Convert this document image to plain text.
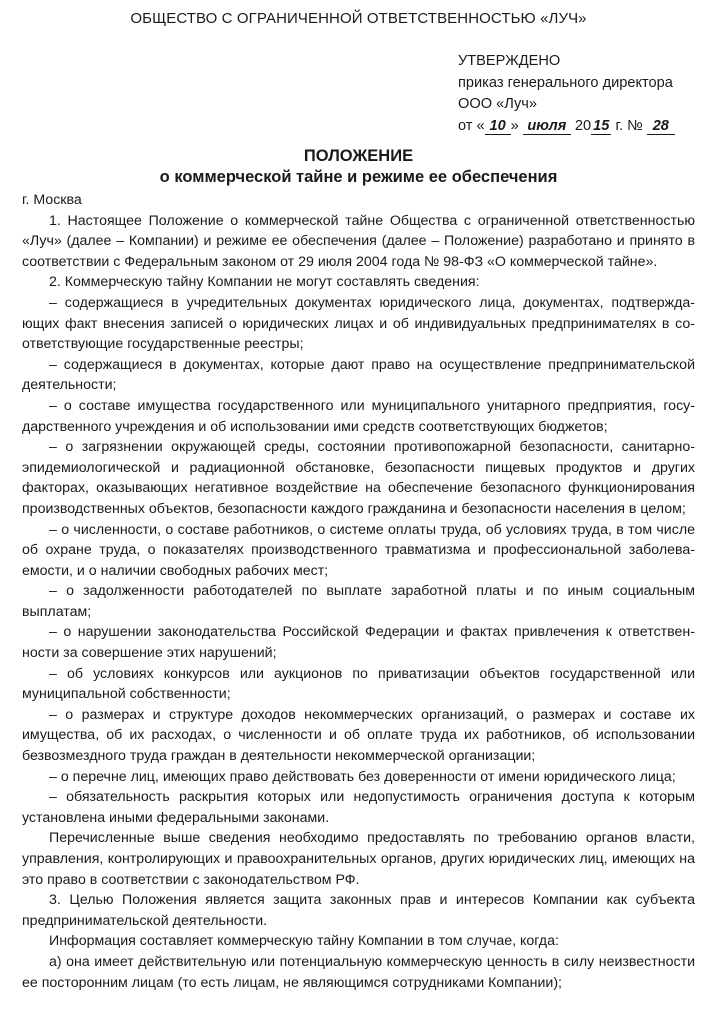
ОБЩЕСТВО С ОГРАНИЧЕННОЙ ОТВЕТСТВЕННОСТЬЮ «ЛУЧ»
УТВЕРЖДЕНО
приказ генерального директора
ООО «Луч»
от « 10 » июля 20 15 г. № 28
ПОЛОЖЕНИЕ
о коммерческой тайне и режиме ее обеспечения
г. Москва

1. Настоящее Положение о коммерческой тайне Общества с ограниченной ответственностью «Луч» (далее – Компании) и режиме ее обеспечения (далее – Положение) разработано и принято в соответствии с Федеральным законом от 29 июля 2004 года № 98-ФЗ «О коммерческой тайне».

2. Коммерческую тайну Компании не могут составлять сведения:

– содержащиеся в учредительных документах юридического лица, документах, подтверждающих факт внесения записей о юридических лицах и об индивидуальных предпринимателях в соответствующие государственные реестры;

– содержащиеся в документах, которые дают право на осуществление предпринимательской деятельности;

– о составе имущества государственного или муниципального унитарного предприятия, государственного учреждения и об использовании ими средств соответствующих бюджетов;

– о загрязнении окружающей среды, состоянии противопожарной безопасности, санитарно-эпидемиологической и радиационной обстановке, безопасности пищевых продуктов и других факторах, оказывающих негативное воздействие на обеспечение безопасного функционирования производственных объектов, безопасности каждого гражданина и безопасности населения в целом;

– о численности, о составе работников, о системе оплаты труда, об условиях труда, в том числе об охране труда, о показателях производственного травматизма и профессиональной заболеваемости, и о наличии свободных рабочих мест;

– о задолженности работодателей по выплате заработной платы и по иным социальным выплатам;

– о нарушении законодательства Российской Федерации и фактах привлечения к ответственности за совершение этих нарушений;

– об условиях конкурсов или аукционов по приватизации объектов государственной или муниципальной собственности;

– о размерах и структуре доходов некоммерческих организаций, о размерах и составе их имущества, об их расходах, о численности и об оплате труда их работников, об использовании безвозмездного труда граждан в деятельности некоммерческой организации;

– о перечне лиц, имеющих право действовать без доверенности от имени юридического лица;

– обязательность раскрытия которых или недопустимость ограничения доступа к которым установлена иными федеральными законами.

Перечисленные выше сведения необходимо предоставлять по требованию органов власти, управления, контролирующих и правоохранительных органов, других юридических лиц, имеющих на это право в соответствии с законодательством РФ.

3. Целью Положения является защита законных прав и интересов Компании как субъекта предпринимательской деятельности.

Информация составляет коммерческую тайну Компании в том случае, когда:

а) она имеет действительную или потенциальную коммерческую ценность в силу неизвестности ее посторонним лицам (то есть лицам, не являющимся сотрудниками Компании);
